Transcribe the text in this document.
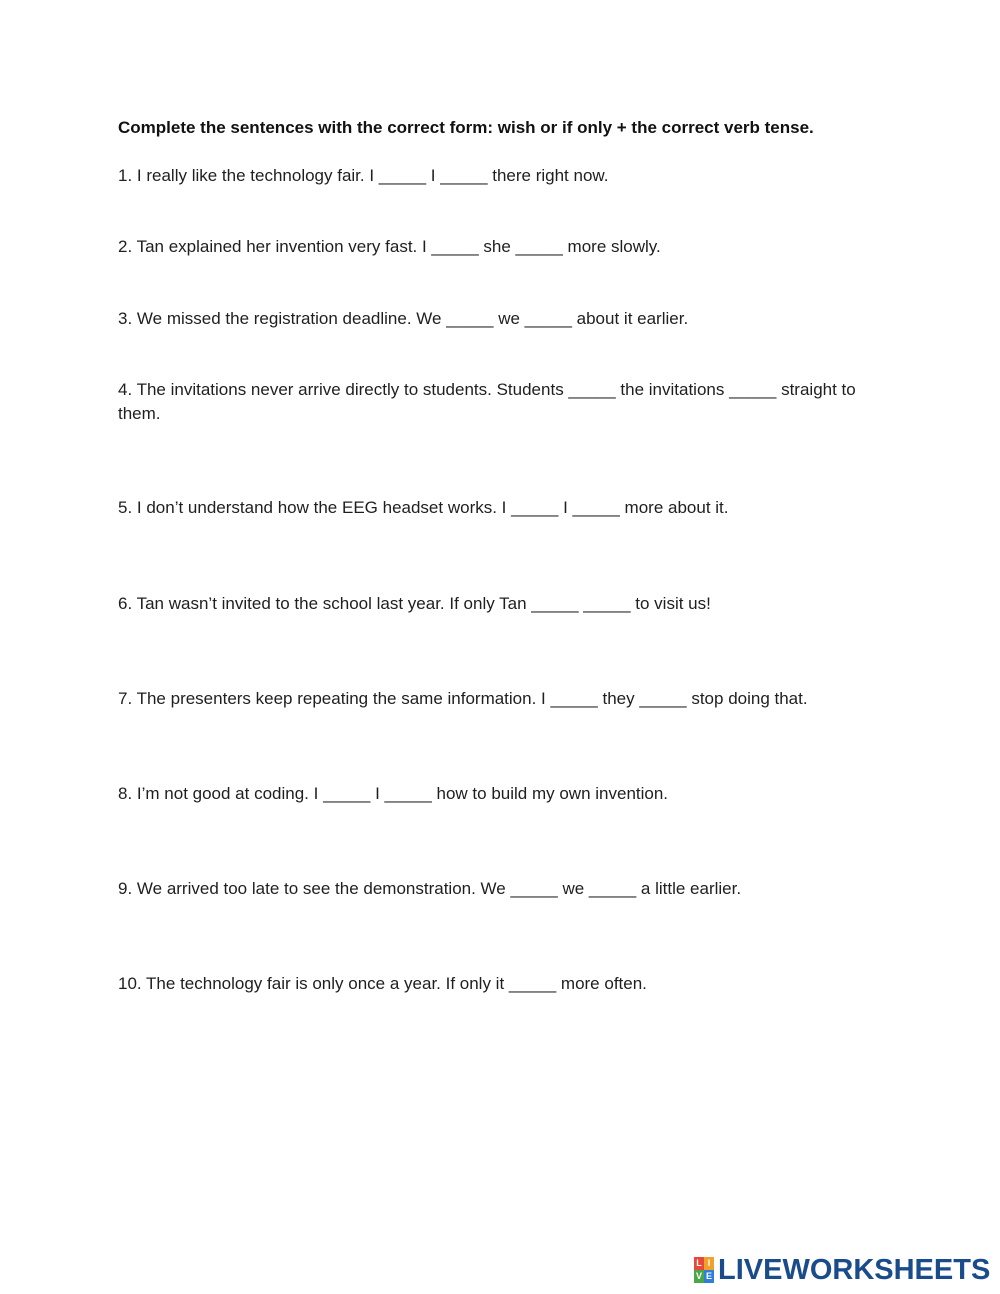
Complete the sentences with the correct form: wish or if only + the correct verb tense.
1. I really like the technology fair. I _____ I _____ there right now.
2. Tan explained her invention very fast. I _____ she _____ more slowly.
3. We missed the registration deadline. We _____ we _____ about it earlier.
4. The invitations never arrive directly to students. Students _____ the invitations _____ straight to them.
5. I don’t understand how the EEG headset works. I _____ I _____ more about it.
6. Tan wasn’t invited to the school last year. If only Tan _____ _____ to visit us!
7. The presenters keep repeating the same information. I _____ they _____ stop doing that.
8. I’m not good at coding. I _____ I _____ how to build my own invention.
9. We arrived too late to see the demonstration. We _____ we _____ a little earlier.
10. The technology fair is only once a year. If only it _____ more often.
L I
V E LIVEWORKSHEETS
